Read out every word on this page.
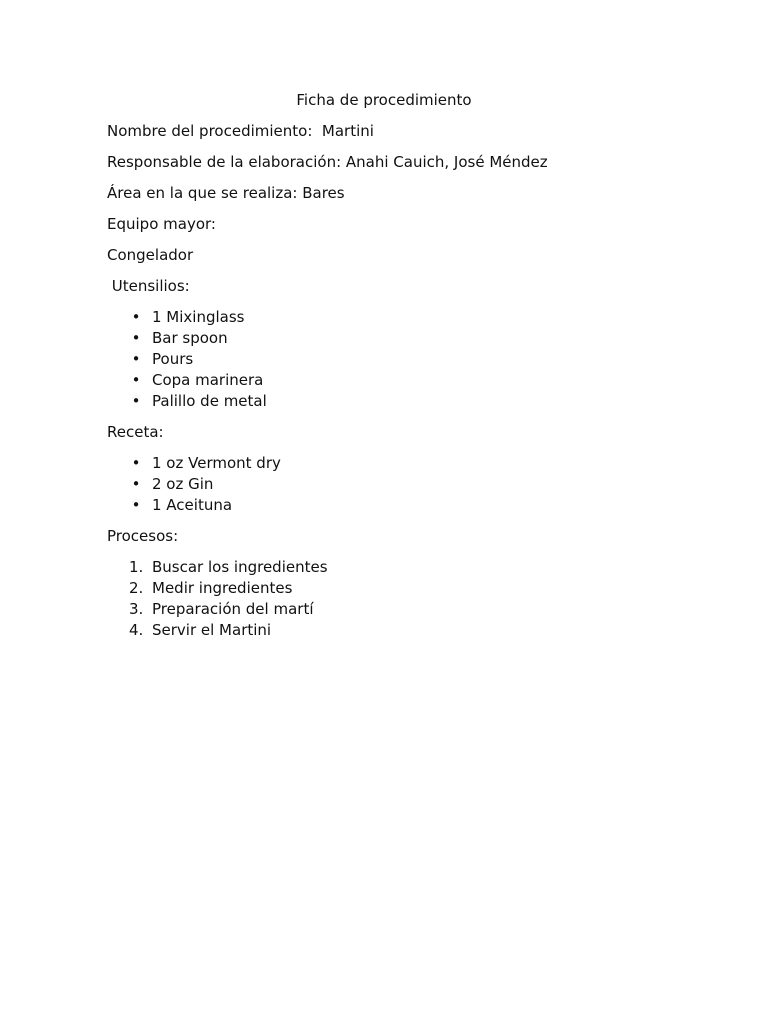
Ficha de procedimiento

Nombre del procedimiento:  Martini

Responsable de la elaboración: Anahi Cauich, José Méndez

Área en la que se realiza: Bares

Equipo mayor:

Congelador

Utensilios:

• 1 Mixinglass
• Bar spoon
• Pours
• Copa marinera
• Palillo de metal

Receta:

• 1 oz Vermont dry
• 2 oz Gin
• 1 Aceituna

Procesos:

1. Buscar los ingredientes
2. Medir ingredientes
3. Preparación del martí
4. Servir el Martini
